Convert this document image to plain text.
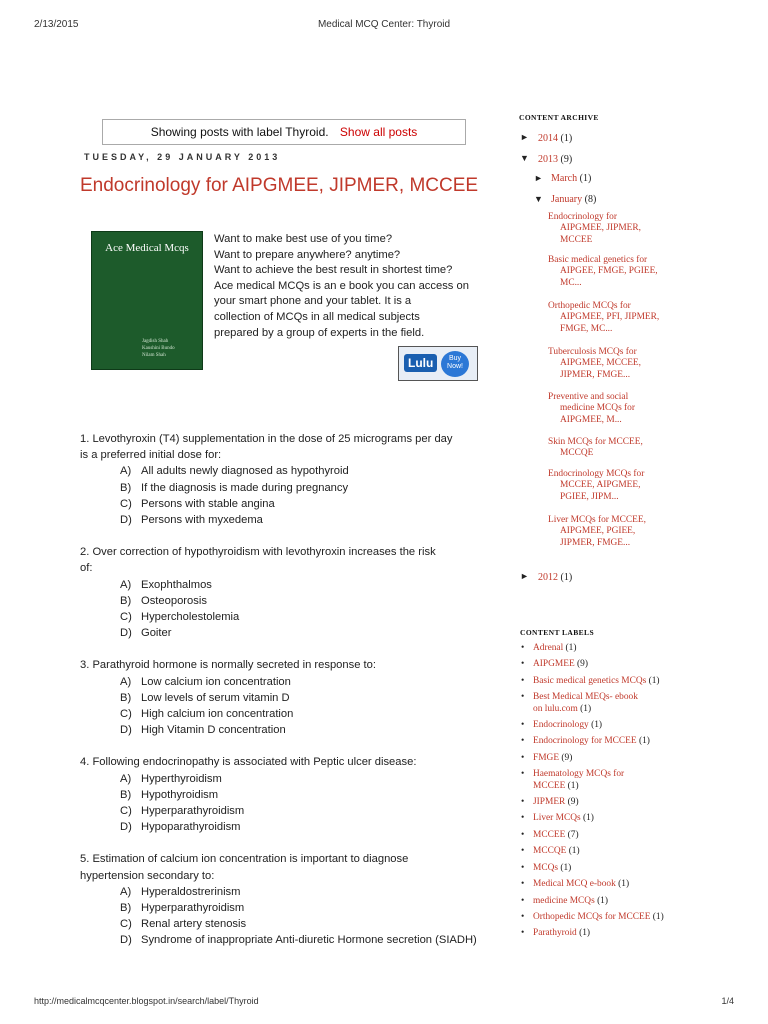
2/13/2015	Medical MCQ Center: Thyroid
Showing posts with label Thyroid. Show all posts
TUESDAY, 29 JANUARY 2013
Endocrinology for AIPGMEE, JIPMER, MCCEE
Ace Medical Mcqs
Jagdish Shah
Kaushini Bundo
Nilam Shah
Want to make best use of you time?
Want to prepare anywhere? anytime?
Want to achieve the best result in shortest time?
Ace medical MCQs is an e book you can access on
your smart phone and your tablet. It is a
collection of MCQs in all medical subjects
prepared by a group of experts in the field.
Lulu	Buy Now!
1. Levothyroxin (T4) supplementation in the dose of 25 micrograms per day
is a preferred initial dose for:
A) All adults newly diagnosed as hypothyroid
B) If the diagnosis is made during pregnancy
C) Persons with stable angina
D) Persons with myxedema
2. Over correction of hypothyroidism with levothyroxin increases the risk
of:
A) Exophthalmos
B) Osteoporosis
C) Hypercholestolemia
D) Goiter
3. Parathyroid hormone is normally secreted in response to:
A) Low calcium ion concentration
B) Low levels of serum vitamin D
C) High calcium ion concentration
D) High Vitamin D concentration
4. Following endocrinopathy is associated with Peptic ulcer disease:
A) Hyperthyroidism
B) Hypothyroidism
C) Hyperparathyroidism
D) Hypoparathyroidism
5. Estimation of calcium ion concentration is important to diagnose
hypertension secondary to:
A) Hyperaldostrerinism
B) Hyperparathyroidism
C) Renal artery stenosis
D) Syndrome of inappropriate Anti-diuretic Hormone secretion (SIADH)
CONTENT ARCHIVE
► 2014 (1)
▼ 2013 (9)
► March (1)
▼ January (8)
Endocrinology for
AIPGMEE, JIPMER,
MCCEE
Basic medical genetics for
AIPGEE, FMGE, PGIEE,
MC...
Orthopedic MCQs for
AIPGMEE, PFI, JIPMER,
FMGE, MC...
Tuberculosis MCQs for
AIPGMEE, MCCEE,
JIPMER, FMGE...
Preventive and social
medicine MCQs for
AIPGMEE, M...
Skin MCQs for MCCEE,
MCCQE
Endocrinology MCQs for
MCCEE, AIPGMEE,
PGIEE, JIPM...
Liver MCQs for MCCEE,
AIPGMEE, PGIEE,
JIPMER, FMGE...
► 2012 (1)
CONTENT LABELS
• Adrenal (1)
• AIPGMEE (9)
• Basic medical genetics MCQs (1)
• Best Medical MEQs- ebook
on lulu.com (1)
• Endocrinology (1)
• Endocrinology for MCCEE (1)
• FMGE (9)
• Haematology MCQs for
MCCEE (1)
• JIPMER (9)
• Liver MCQs (1)
• MCCEE (7)
• MCCQE (1)
• MCQs (1)
• Medical MCQ e-book (1)
• medicine MCQs (1)
• Orthopedic MCQs for MCCEE (1)
• Parathyroid (1)
http://medicalmcqcenter.blogspot.in/search/label/Thyroid	1/4
